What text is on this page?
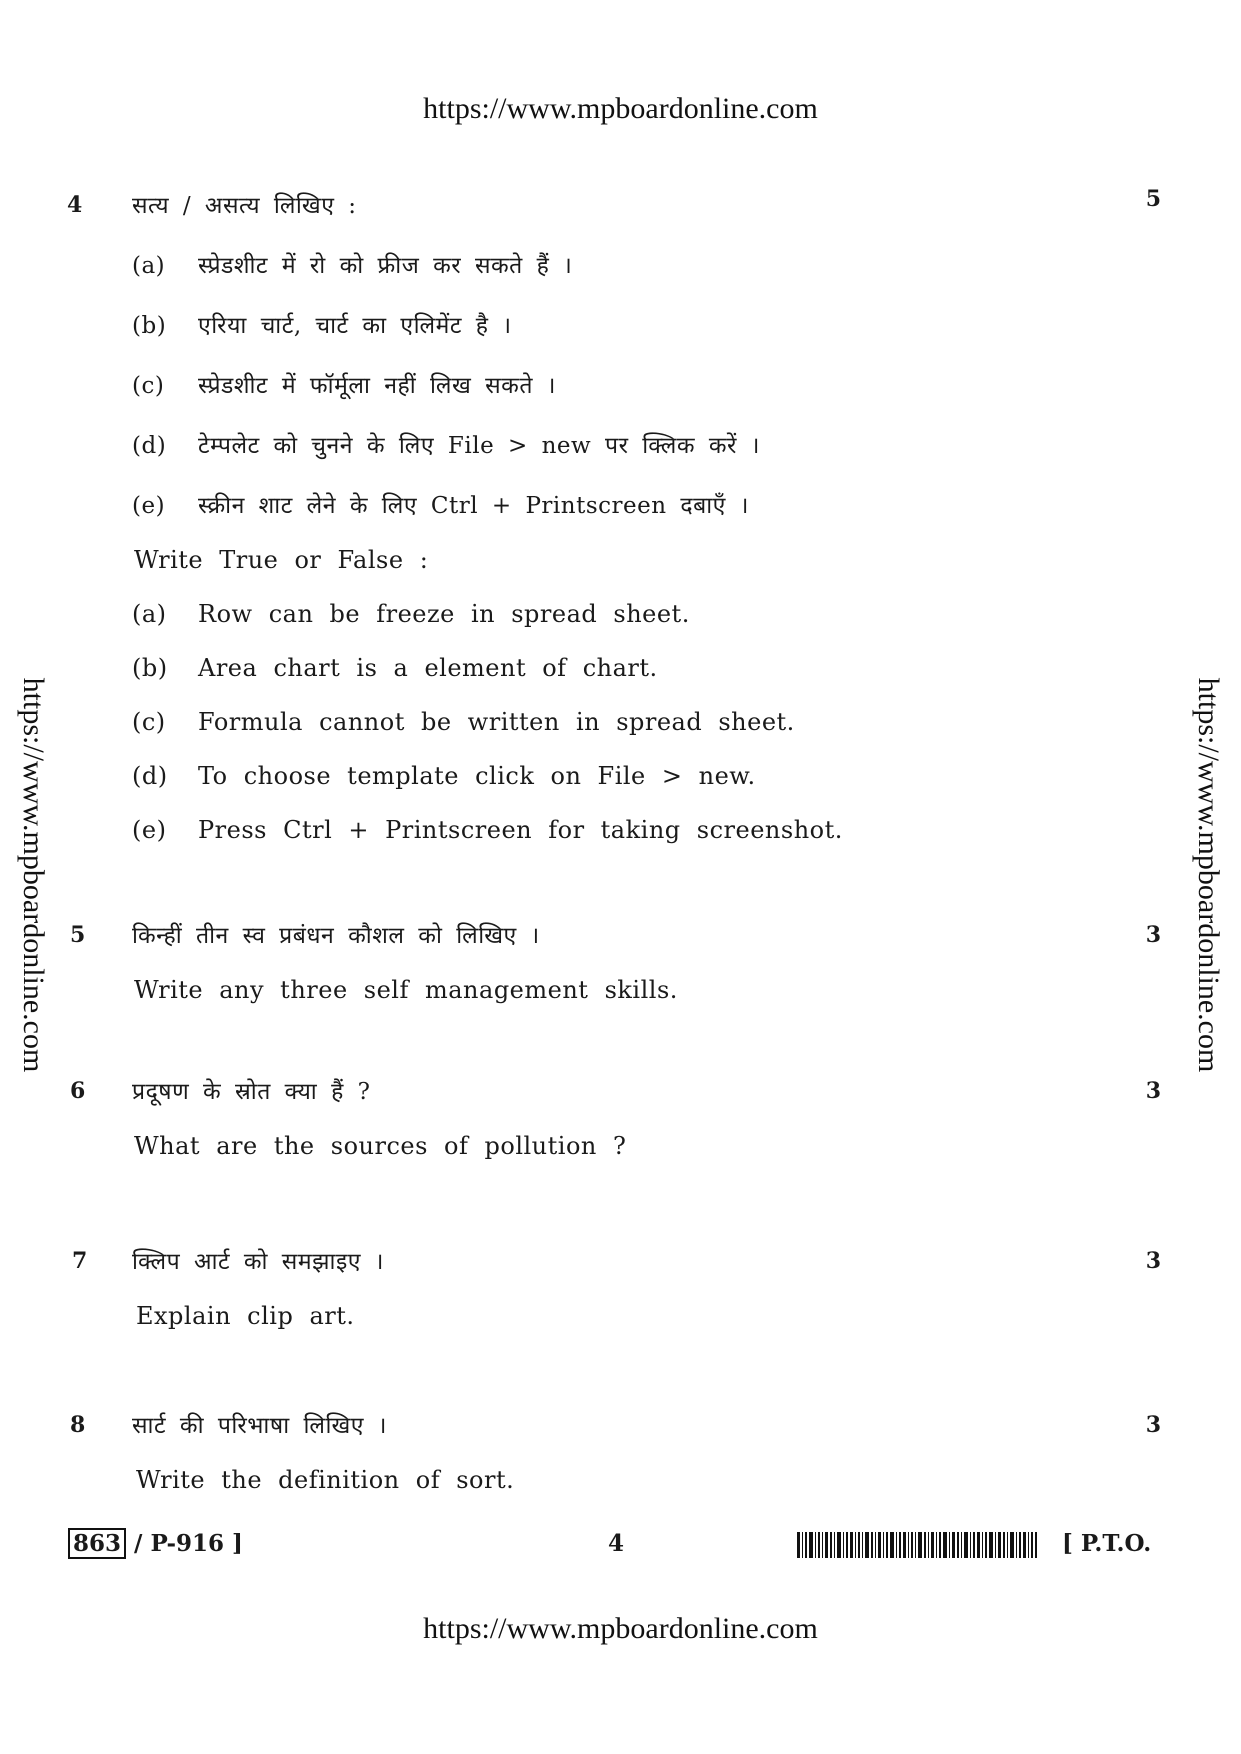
https://www.mpboardonline.com
https://www.mpboardonline.com
https://www.mpboardonline.com	https://www.mpboardonline.com
4	5
सत्य / असत्य लिखिए :
(a) स्प्रेडशीट में रो को फ्रीज कर सकते हैं ।
(b) एरिया चार्ट, चार्ट का एलिमेंट है ।
(c) स्प्रेडशीट में फॉर्मूला नहीं लिख सकते ।
(d) टेम्पलेट को चुनने के लिए File > new पर क्लिक करें ।
(e) स्क्रीन शाट लेने के लिए Ctrl + Printscreen दबाएँ ।
Write True or False :
(a) Row can be freeze in spread sheet.
(b) Area chart is a element of chart.
(c) Formula cannot be written in spread sheet.
(d) To choose template click on File > new.
(e) Press Ctrl + Printscreen for taking screenshot.
5	3
किन्हीं तीन स्व प्रबंधन कौशल को लिखिए ।
Write any three self management skills.
6	3
प्रदूषण के स्रोत क्या हैं ?
What are the sources of pollution ?
7	3
क्लिप आर्ट को समझाइए ।
Explain clip art.
8	3
सार्ट की परिभाषा लिखिए ।
Write the definition of sort.
863 / P-916 ]	4	[ P.T.O.
